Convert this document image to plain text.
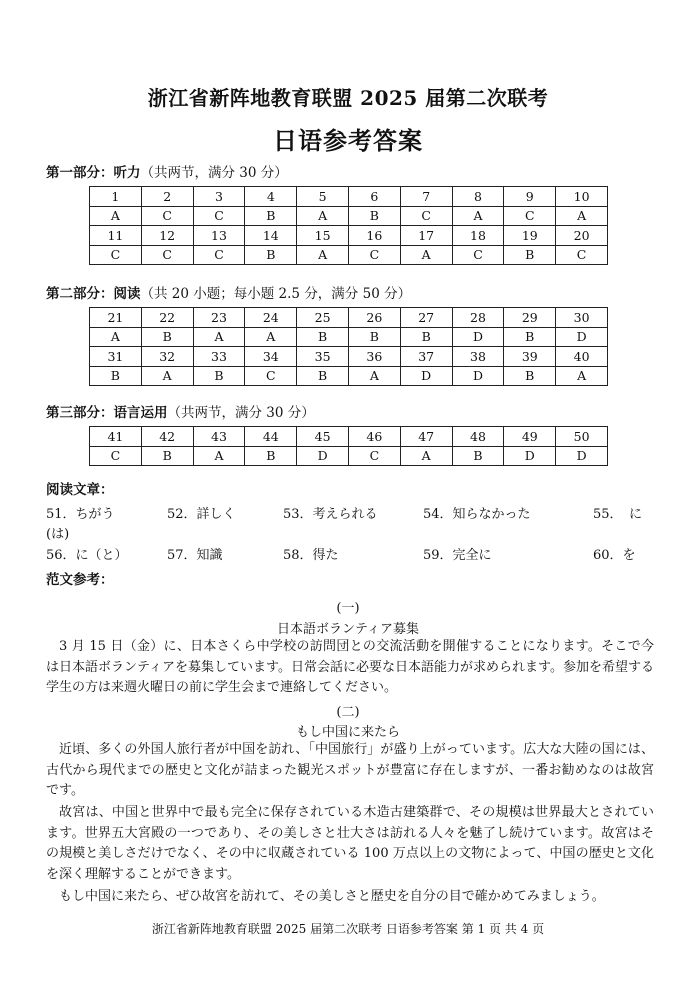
浙江省新阵地教育联盟 2025 届第二次联考
日语参考答案
第一部分：听力（共两节，满分 30 分）
1	2	3	4	5	6	7	8	9	10
A	C	C	B	A	B	C	A	C	A
11	12	13	14	15	16	17	18	19	20
C	C	C	B	A	C	A	C	B	C
第二部分：阅读（共 20 小题；每小题 2.5 分，满分 50 分）
21	22	23	24	25	26	27	28	29	30
A	B	A	A	B	B	B	D	B	D
31	32	33	34	35	36	37	38	39	40
B	A	B	C	B	A	D	D	B	A
第三部分：语言运用（共两节，满分 30 分）
41	42	43	44	45	46	47	48	49	50
C	B	A	B	D	C	A	B	D	D
阅读文章：
51．ちがう	52．詳しく	53．考えられる	54．知らなかった	55．　に
(は)
56．に（と）	57．知識	58．得た	59．完全に	60．を
范文参考：
(一)
日本語ボランティア募集
3 月 15 日（金）に、日本さくら中学校の訪問団との交流活動を開催することになります。そこで今は日本語ボランティアを募集しています。日常会話に必要な日本語能力が求められます。参加を希望する学生の方は来週火曜日の前に学生会まで連絡してください。
(二)
もし中国に来たら
近頃、多くの外国人旅行者が中国を訪れ、「中国旅行」が盛り上がっています。広大な大陸の国には、古代から現代までの歴史と文化が詰まった観光スポットが豊富に存在しますが、一番お勧めなのは故宮です。
故宮は、中国と世界中で最も完全に保存されている木造古建築群で、その規模は世界最大とされています。世界五大宮殿の一つであり、その美しさと壮大さは訪れる人々を魅了し続けています。故宮はその規模と美しさだけでなく、その中に収蔵されている 100 万点以上の文物によって、中国の歴史と文化を深く理解することができます。
もし中国に来たら、ぜひ故宮を訪れて、その美しさと歴史を自分の目で確かめてみましょう。
浙江省新阵地教育联盟 2025 届第二次联考 日语参考答案 第 1 页 共 4 页
